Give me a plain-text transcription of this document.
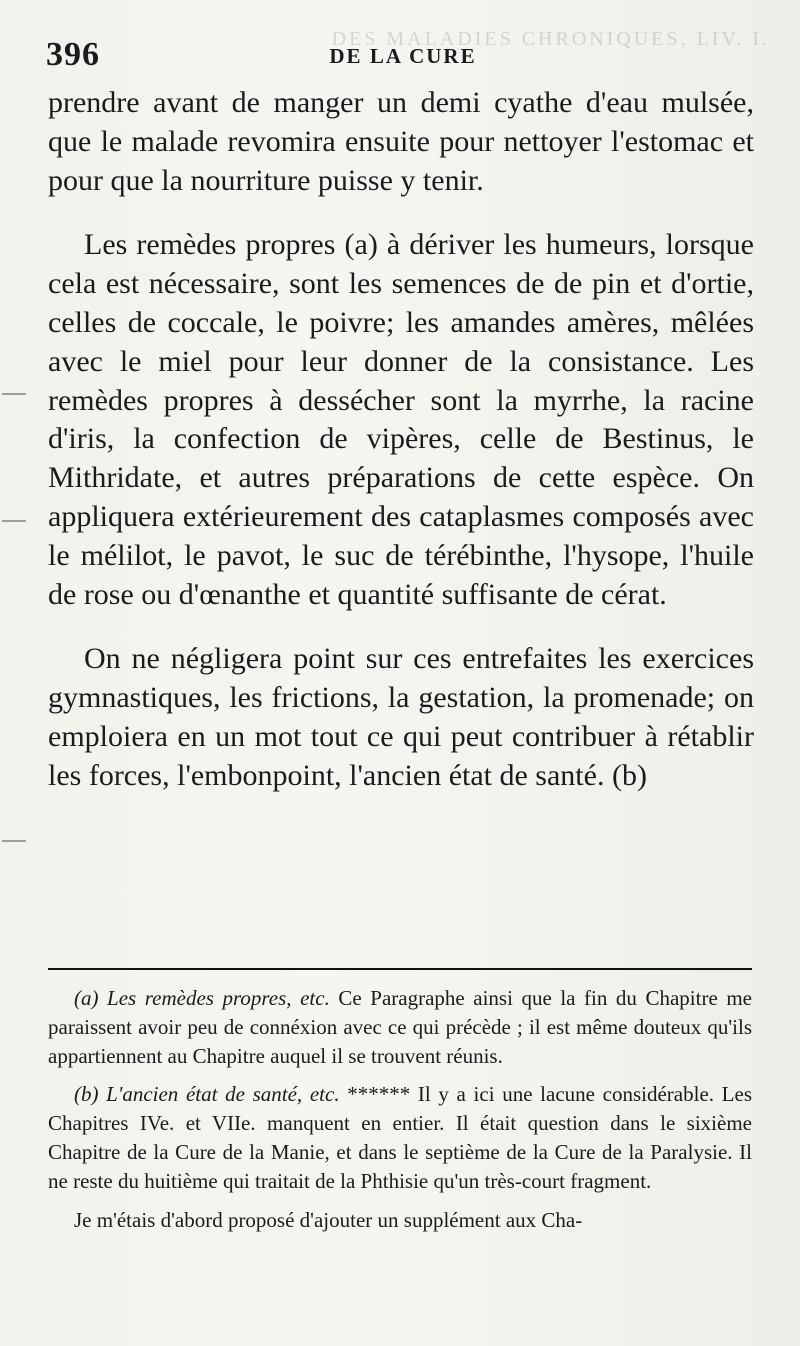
DES MALADIES CHRONIQUES, LIV. I.
396	DE LA CURE

prendre avant de manger un demi cyathe d'eau mulsée, que le malade revomira ensuite pour nettoyer l'estomac et pour que la nourriture puisse y tenir.

Les remèdes propres (a) à dériver les humeurs, lorsque cela est nécessaire, sont les semences de de pin et d'ortie, celles de coccale, le poivre; les amandes amères, mêlées avec le miel pour leur donner de la consistance. Les remèdes propres à dessécher sont la myrrhe, la racine d'iris, la confection de vipères, celle de Bestinus, le Mithridate, et autres préparations de cette espèce. On appliquera extérieurement des cataplasmes composés avec le mélilot, le pavot, le suc de térébinthe, l'hysope, l'huile de rose ou d'œnanthe et quantité suffisante de cérat.

On ne négligera point sur ces entrefaites les exercices gymnastiques, les frictions, la gestation, la promenade; on emploiera en un mot tout ce qui peut contribuer à rétablir les forces, l'embonpoint, l'ancien état de santé. (b)

(a) Les remèdes propres, etc. Ce Paragraphe ainsi que la fin du Chapitre me paraissent avoir peu de connéxion avec ce qui précède ; il est même douteux qu'ils appartiennent au Chapitre auquel il se trouvent réunis.

(b) L'ancien état de santé, etc. ****** Il y a ici une lacune considérable. Les Chapitres IVe. et VIIe. manquent en entier. Il était question dans le sixième Chapitre de la Cure de la Manie, et dans le septième de la Cure de la Paralysie. Il ne reste du huitième qui traitait de la Phthisie qu'un très-court fragment.

Je m'étais d'abord proposé d'ajouter un supplément aux Cha-
